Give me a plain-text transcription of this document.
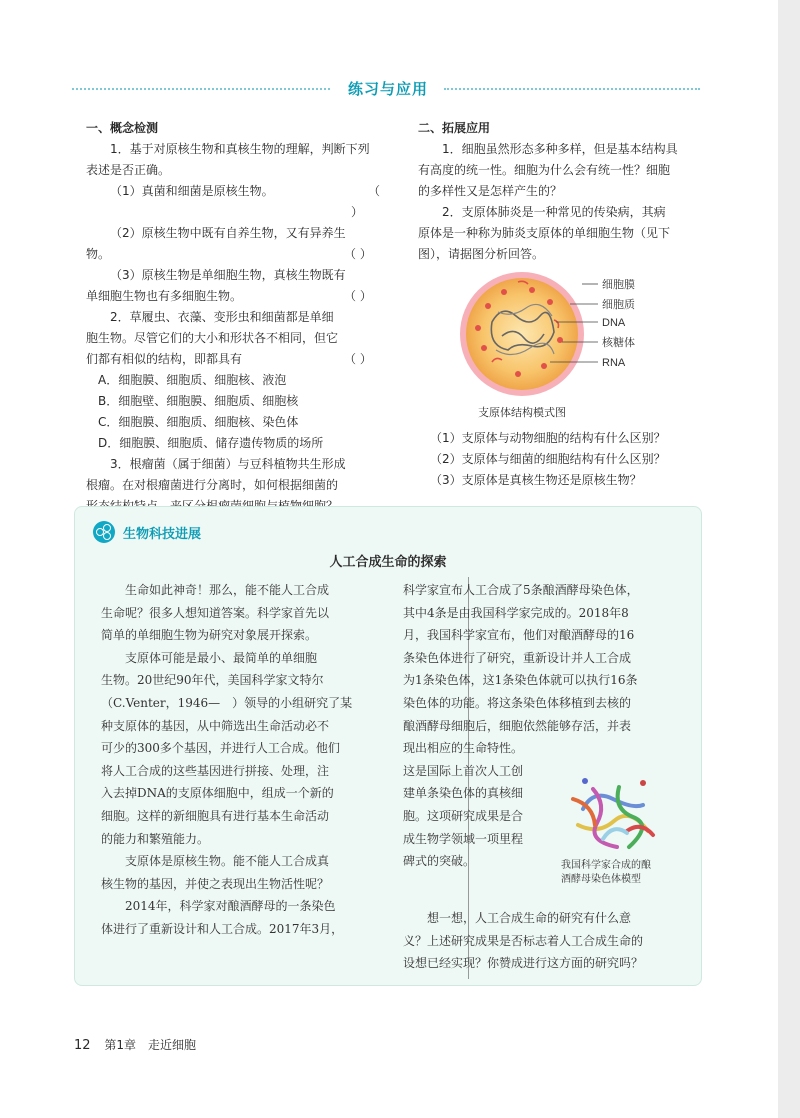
练习与应用

一、概念检测

1．基于对原核生物和真核生物的理解，判断下列表述是否正确。

（1）真菌和细菌是原核生物。	（ ）

（2）原核生物中既有自养生物，又有异养生

物。	（ ）

（3）原核生物是单细胞生物，真核生物既有

单细胞生物也有多细胞生物。	（ ）

2．草履虫、衣藻、变形虫和细菌都是单细

胞生物。尽管它们的大小和形状各不相同，但它

们都有相似的结构，即都具有	（ ）

A．细胞膜、细胞质、细胞核、液泡

B．细胞壁、细胞膜、细胞质、细胞核

C．细胞膜、细胞质、细胞核、染色体

D．细胞膜、细胞质、储存遗传物质的场所

3．根瘤菌（属于细菌）与豆科植物共生形成

根瘤。在对根瘤菌进行分离时，如何根据细菌的

二、拓展应用

1．细胞虽然形态多种多样，但是基本结构具

有高度的统一性。细胞为什么会有统一性？细胞

的多样性又是怎样产生的？

2．支原体肺炎是一种常见的传染病，其病

原体是一种称为肺炎支原体的单细胞生物（见下

图），请据图分析回答。

细胞膜
细胞质
DNA
核糖体
RNA
支原体结构模式图

（1）支原体与动物细胞的结构有什么区别？

（2）支原体与细菌的细胞结构有什么区别？

（3）支原体是真核生物还是原核生物？

生物科技进展
人工合成生命的探索

生命如此神奇！那么，能不能人工合成

生命呢？很多人想知道答案。科学家首先以

简单的单细胞生物为研究对象展开探索。

支原体可能是最小、最简单的单细胞

生物。20世纪90年代，美国科学家文特尔

（C.Venter，1946—　）领导的小组研究了某

种支原体的基因，从中筛选出生命活动必不

可少的300多个基因，并进行人工合成。他们

将人工合成的这些基因进行拼接、处理，注

入去掉DNA的支原体细胞中，组成一个新的

细胞。这样的新细胞具有进行基本生命活动

的能力和繁殖能力。

支原体是原核生物。能不能人工合成真

核生物的基因，并使之表现出生物活性呢？

2014年，科学家对酿酒酵母的一条染色

体进行了重新设计和人工合成。2017年3月，

科学家宣布人工合成了5条酿酒酵母染色体，

其中4条是由我国科学家完成的。2018年8

月，我国科学家宣布，他们对酿酒酵母的16

条染色体进行了研究，重新设计并人工合成

为1条染色体，这1条染色体就可以执行16条

染色体的功能。将这条染色体移植到去核的

酿酒酵母细胞后，细胞依然能够存活，并表

现出相应的生命特性。

这是国际上首次人工创

建单条染色体的真核细

胞。这项研究成果是合

成生物学领域一项里程

碑式的突破。	我国科学家合成的酿
酒酵母染色体模型

想一想，人工合成生命的研究有什么意

义？上述研究成果是否标志着人工合成生命的

设想已经实现？你赞成进行这方面的研究吗？

12 第1章　走近细胞
